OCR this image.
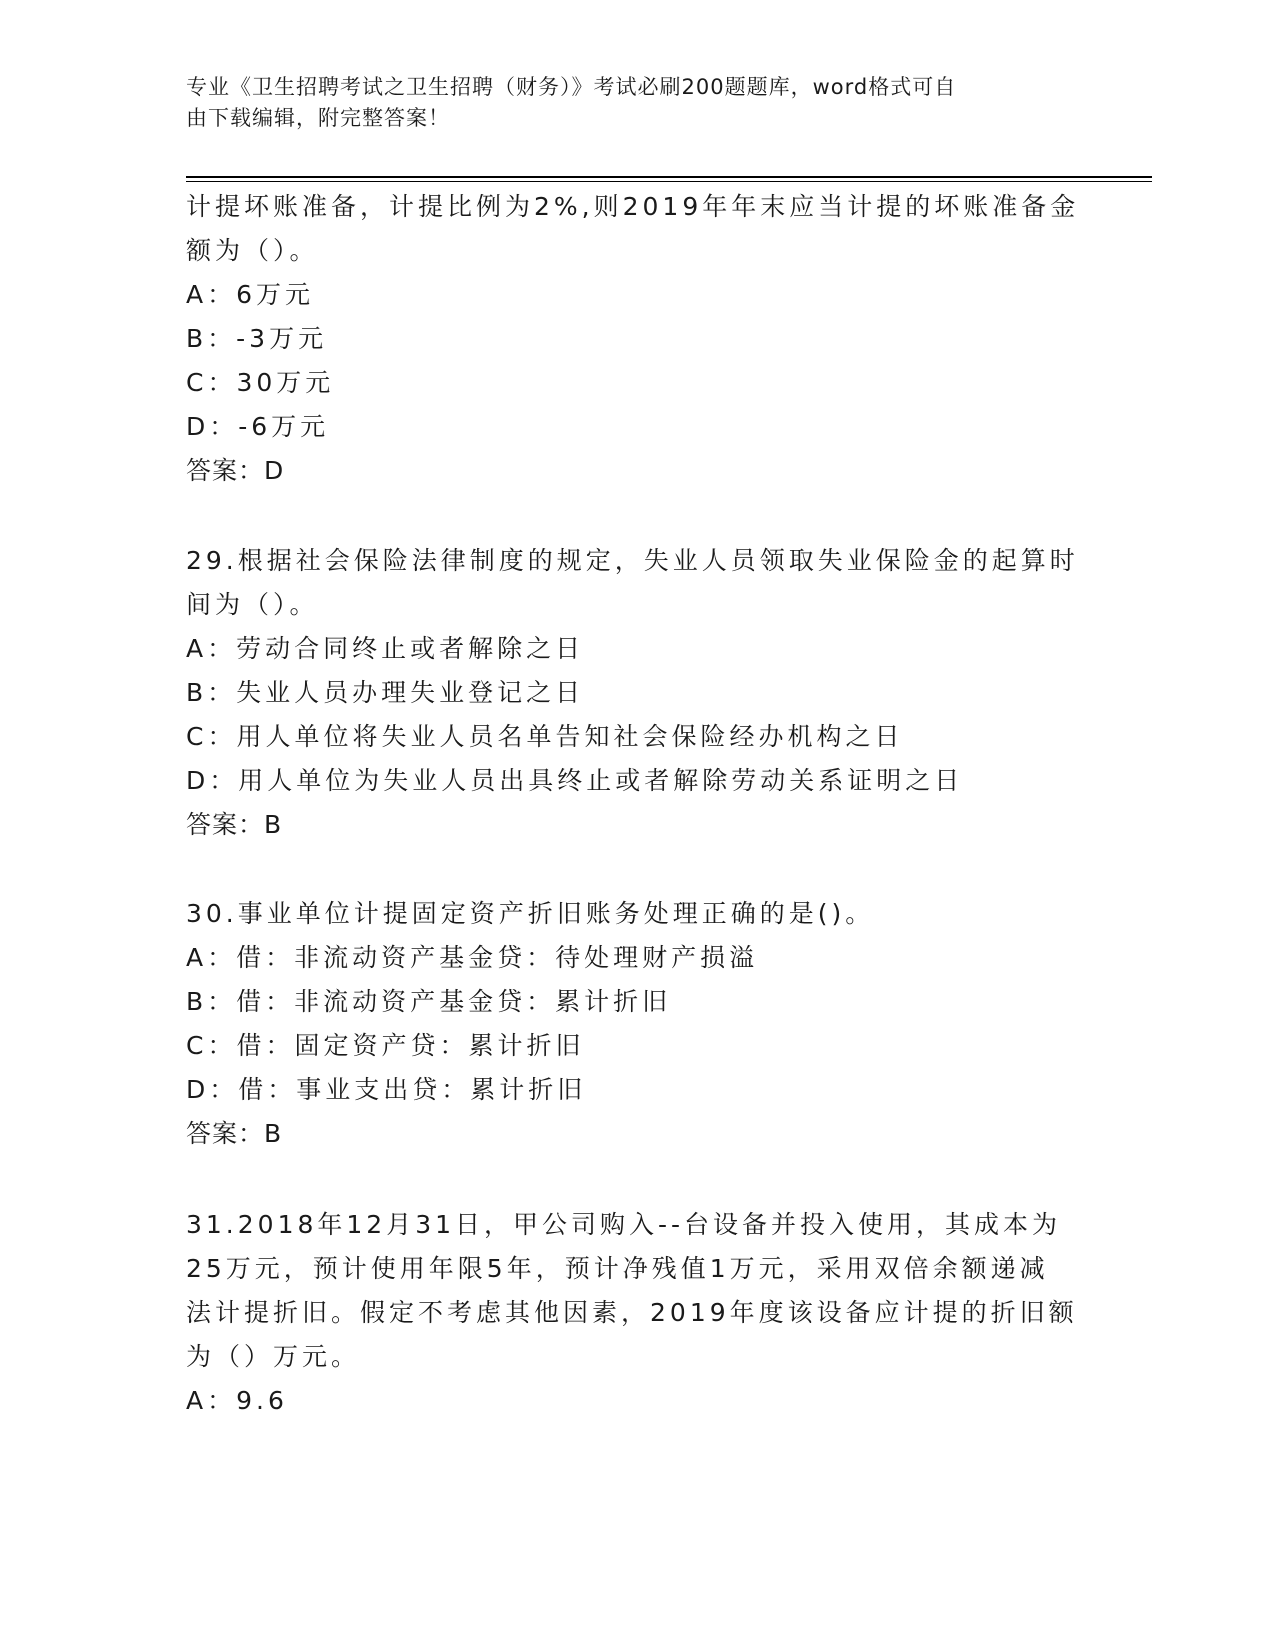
专业《卫生招聘考试之卫生招聘（财务）》考试必刷200题题库，word格式可自
由下载编辑，附完整答案！
计提坏账准备，计提比例为2%,则2019年年末应当计提的坏账准备金
额为（）。
A：6万元
B：-3万元
C：30万元
D：-6万元
答案：D
29.根据社会保险法律制度的规定，失业人员领取失业保险金的起算时
间为（）。
A：劳动合同终止或者解除之日
B：失业人员办理失业登记之日
C：用人单位将失业人员名单告知社会保险经办机构之日
D：用人单位为失业人员出具终止或者解除劳动关系证明之日
答案：B
30.事业单位计提固定资产折旧账务处理正确的是()。
A：借：非流动资产基金贷：待处理财产损溢
B：借：非流动资产基金贷：累计折旧
C：借：固定资产贷：累计折旧
D：借：事业支出贷：累计折旧
答案：B
31.2018年12月31日，甲公司购入--台设备并投入使用，其成本为
25万元，预计使用年限5年，预计净残值1万元，采用双倍余额递减
法计提折旧。假定不考虑其他因素，2019年度该设备应计提的折旧额
为（）万元。
A：9.6
